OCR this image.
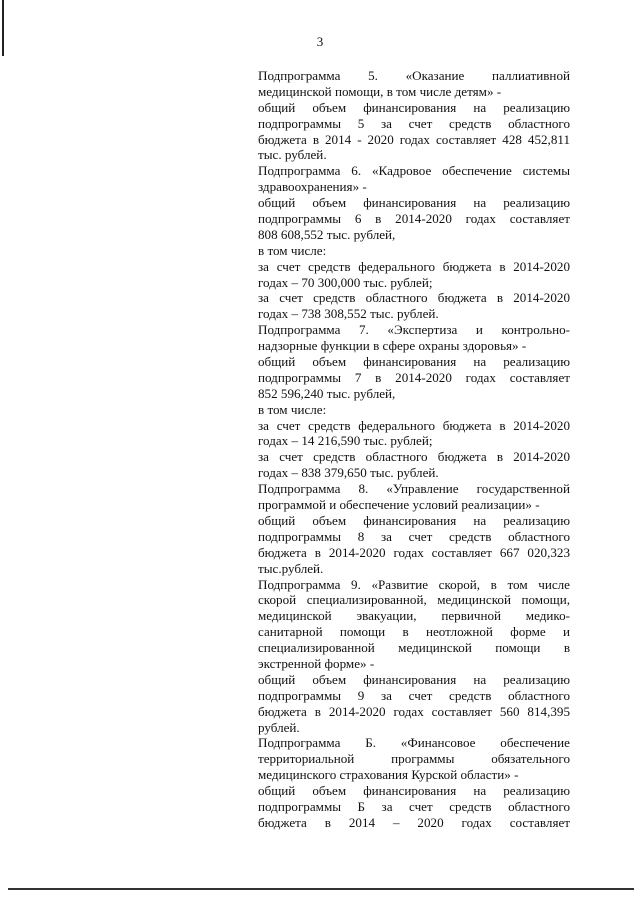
3
Подпрограмма 5. «Оказание паллиативной
медицинской помощи, в том числе детям» -
общий объем финансирования на реализацию
подпрограммы 5 за счет средств областного
бюджета в 2014 - 2020 годах составляет 428 452,811
тыс. рублей.
Подпрограмма 6. «Кадровое обеспечение системы
здравоохранения» -
общий объем финансирования на реализацию
подпрограммы 6 в 2014-2020 годах составляет
808 608,552 тыс. рублей,
в том числе:
за счет средств федерального бюджета в 2014-2020
годах – 70 300,000 тыс. рублей;
за счет средств областного бюджета в 2014-2020
годах – 738 308,552 тыс. рублей.
Подпрограмма 7. «Экспертиза и контрольно-
надзорные функции в сфере охраны здоровья» -
общий объем финансирования на реализацию
подпрограммы 7 в 2014-2020 годах составляет
852 596,240 тыс. рублей,
в том числе:
за счет средств федерального бюджета в 2014-2020
годах – 14 216,590 тыс. рублей;
за счет средств областного бюджета в 2014-2020
годах – 838 379,650 тыс. рублей.
Подпрограмма 8. «Управление государственной
программой и обеспечение условий реализации» -
общий объем финансирования на реализацию
подпрограммы 8 за счет средств областного
бюджета в 2014-2020 годах составляет 667 020,323
тыс.рублей.
Подпрограмма 9. «Развитие скорой, в том числе
скорой специализированной, медицинской помощи,
медицинской эвакуации, первичной медико-
санитарной помощи в неотложной форме и
специализированной медицинской помощи в
экстренной форме» -
общий объем финансирования на реализацию
подпрограммы 9 за счет средств областного
бюджета в 2014-2020 годах составляет 560 814,395
рублей.
Подпрограмма Б. «Финансовое обеспечение
территориальной программы обязательного
медицинского страхования Курской области» -
общий объем финансирования на реализацию
подпрограммы Б за счет средств областного
бюджета в 2014 – 2020 годах составляет
